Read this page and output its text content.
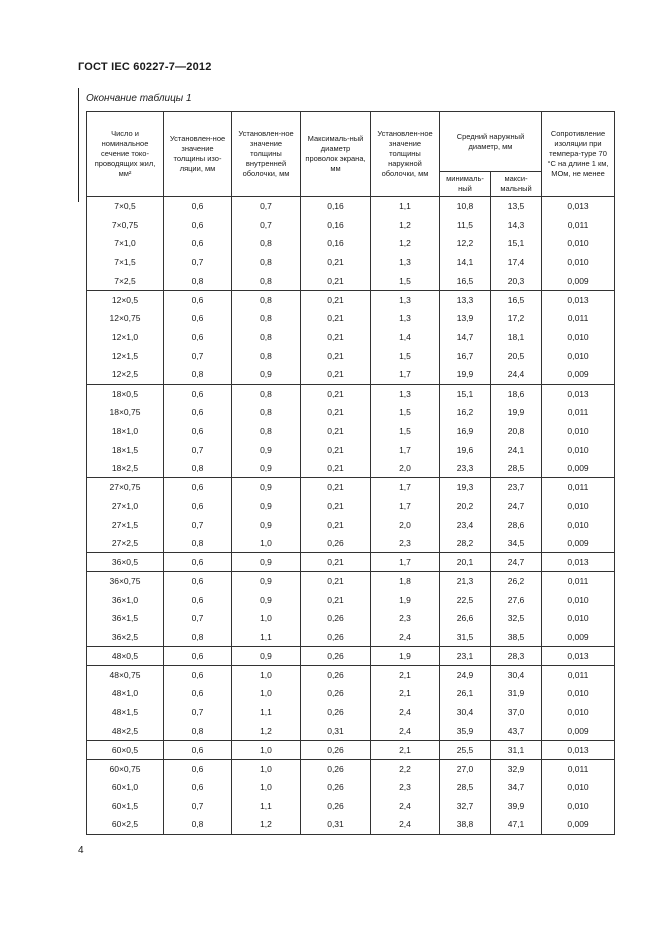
ГОСТ IEC 60227-7—2012
Окончание таблицы 1
Число и номинальное сечение токо-проводящих жил, мм²	Установлен-ное значение толщины изо-ляции, мм	Установлен-ное значение толщины внутренней оболочки, мм	Максималь-ный диаметр проволок экрана, мм	Установлен-ное значение толщины наружной оболочки, мм	Средний наружный диаметр, мм		Сопротивление изоляции при темпера-туре 70 °С на длине 1 км, МОм, не менее
					минималь-ный	макси-мальный	
7×0,5	0,6	0,7	0,16	1,1	10,8	13,5	0,013
7×0,75	0,6	0,7	0,16	1,2	11,5	14,3	0,011
7×1,0	0,6	0,8	0,16	1,2	12,2	15,1	0,010
7×1,5	0,7	0,8	0,21	1,3	14,1	17,4	0,010
7×2,5	0,8	0,8	0,21	1,5	16,5	20,3	0,009
12×0,5	0,6	0,8	0,21	1,3	13,3	16,5	0,013
12×0,75	0,6	0,8	0,21	1,3	13,9	17,2	0,011
12×1,0	0,6	0,8	0,21	1,4	14,7	18,1	0,010
12×1,5	0,7	0,8	0,21	1,5	16,7	20,5	0,010
12×2,5	0,8	0,9	0,21	1,7	19,9	24,4	0,009
18×0,5	0,6	0,8	0,21	1,3	15,1	18,6	0,013
18×0,75	0,6	0,8	0,21	1,5	16,2	19,9	0,011
18×1,0	0,6	0,8	0,21	1,5	16,9	20,8	0,010
18×1,5	0,7	0,9	0,21	1,7	19,6	24,1	0,010
18×2,5	0,8	0,9	0,21	2,0	23,3	28,5	0,009
27×0,75	0,6	0,9	0,21	1,7	19,3	23,7	0,011
27×1,0	0,6	0,9	0,21	1,7	20,2	24,7	0,010
27×1,5	0,7	0,9	0,21	2,0	23,4	28,6	0,010
27×2,5	0,8	1,0	0,26	2,3	28,2	34,5	0,009
36×0,5	0,6	0,9	0,21	1,7	20,1	24,7	0,013
36×0,75	0,6	0,9	0,21	1,8	21,3	26,2	0,011
36×1,0	0,6	0,9	0,21	1,9	22,5	27,6	0,010
36×1,5	0,7	1,0	0,26	2,3	26,6	32,5	0,010
36×2,5	0,8	1,1	0,26	2,4	31,5	38,5	0,009
48×0,5	0,6	0,9	0,26	1,9	23,1	28,3	0,013
48×0,75	0,6	1,0	0,26	2,1	24,9	30,4	0,011
48×1,0	0,6	1,0	0,26	2,1	26,1	31,9	0,010
48×1,5	0,7	1,1	0,26	2,4	30,4	37,0	0,010
48×2,5	0,8	1,2	0,31	2,4	35,9	43,7	0,009
60×0,5	0,6	1,0	0,26	2,1	25,5	31,1	0,013
60×0,75	0,6	1,0	0,26	2,2	27,0	32,9	0,011
60×1,0	0,6	1,0	0,26	2,3	28,5	34,7	0,010
60×1,5	0,7	1,1	0,26	2,4	32,7	39,9	0,010
60×2,5	0,8	1,2	0,31	2,4	38,8	47,1	0,009
4
